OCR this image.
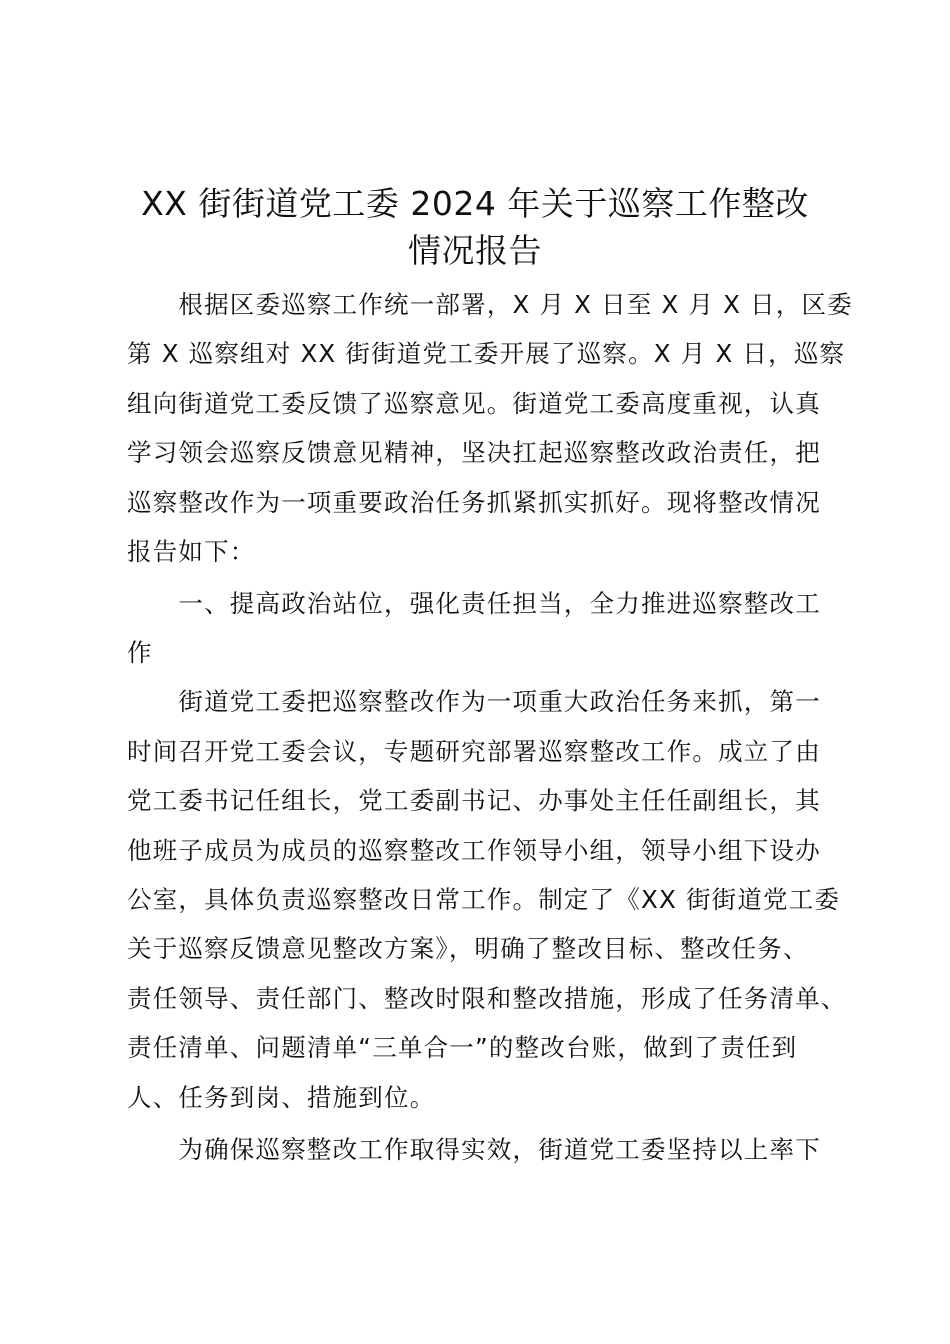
XX 街街道党工委 2024 年关于巡察工作整改
情况报告
　　根据区委巡察工作统一部署，X 月 X 日至 X 月 X 日，区委
第 X 巡察组对 XX 街街道党工委开展了巡察。X 月 X 日，巡察
组向街道党工委反馈了巡察意见。街道党工委高度重视，认真
学习领会巡察反馈意见精神，坚决扛起巡察整改政治责任，把
巡察整改作为一项重要政治任务抓紧抓实抓好。现将整改情况
报告如下：
　　一、提高政治站位，强化责任担当，全力推进巡察整改工
作
　　街道党工委把巡察整改作为一项重大政治任务来抓，第一
时间召开党工委会议，专题研究部署巡察整改工作。成立了由
党工委书记任组长，党工委副书记、办事处主任任副组长，其
他班子成员为成员的巡察整改工作领导小组，领导小组下设办
公室，具体负责巡察整改日常工作。制定了《XX 街街道党工委
关于巡察反馈意见整改方案》，明确了整改目标、整改任务、
责任领导、责任部门、整改时限和整改措施，形成了任务清单、
责任清单、问题清单“三单合一”的整改台账，做到了责任到
人、任务到岗、措施到位。
　　为确保巡察整改工作取得实效，街道党工委坚持以上率下
